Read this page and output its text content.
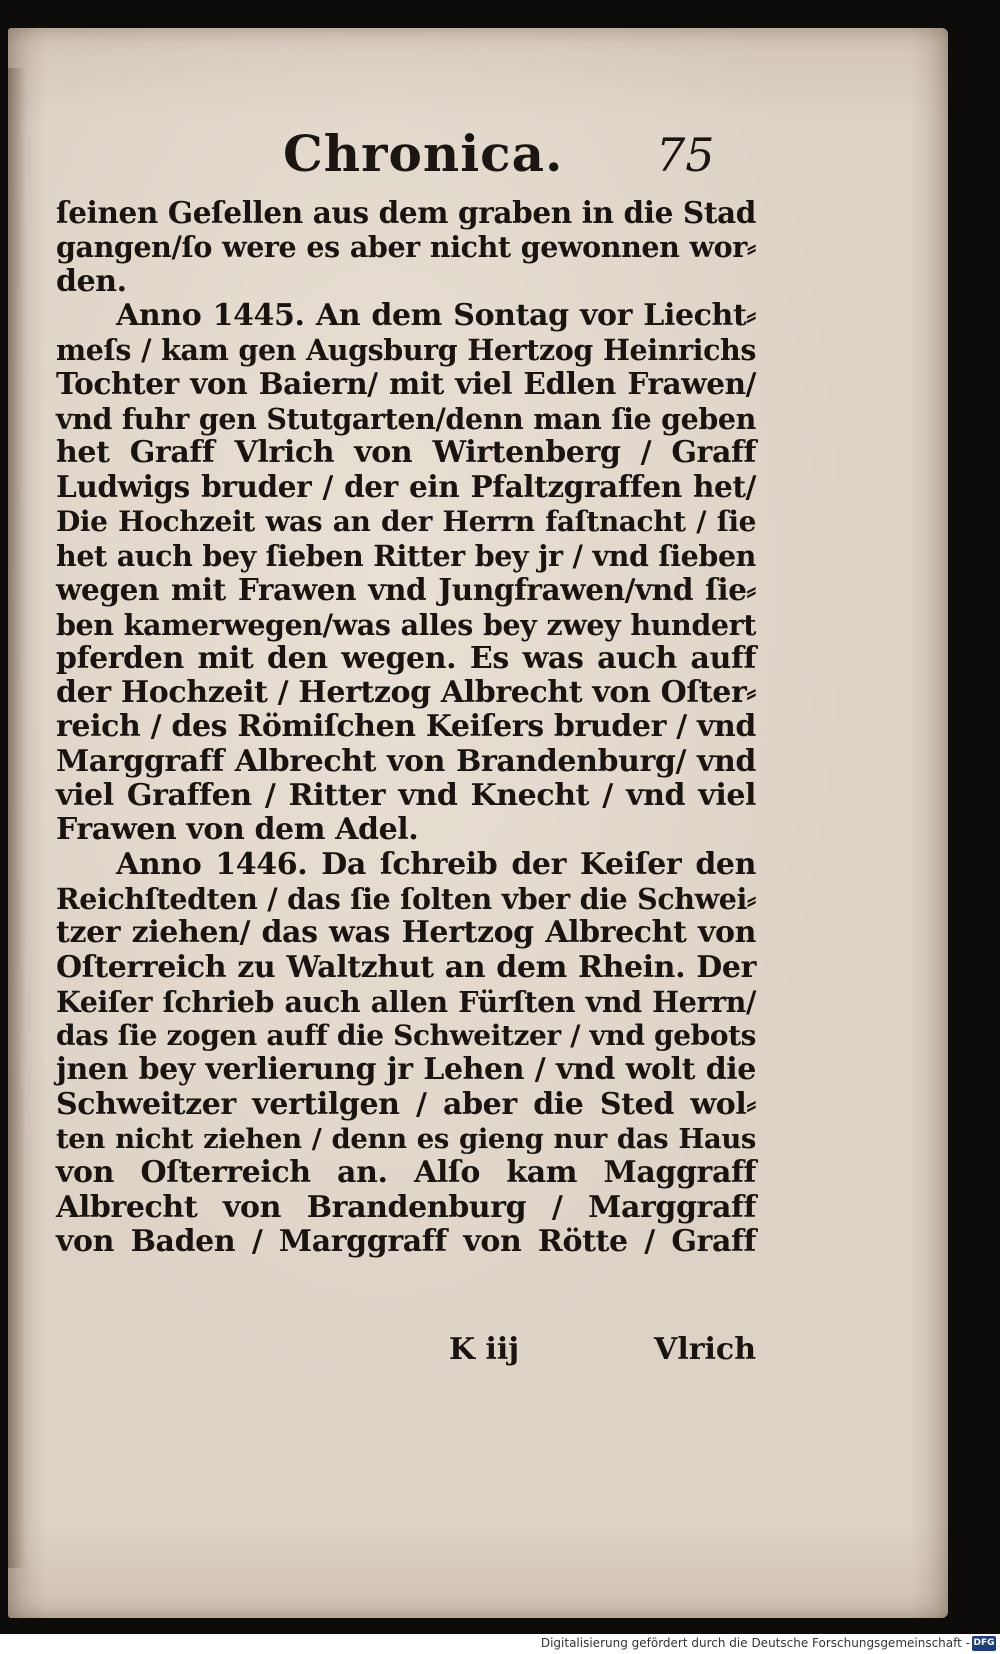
Chronica. 75
ſeinen Geſellen aus dem graben in die Stad
gangen/ſo were es aber nicht gewonnen wor⸗
den.
Anno 1445. An dem Sontag vor Liecht⸗
meſs / kam gen Augsburg Hertzog Heinrichs
Tochter von Baiern/ mit viel Edlen Frawen/
vnd fuhr gen Stutgarten/denn man ſie geben
het Graff Vlrich von Wirtenberg / Graff
Ludwigs bruder / der ein Pfaltzgraffen het/
Die Hochzeit was an der Herrn faſtnacht / ſie
het auch bey ſieben Ritter bey jr / vnd ſieben
wegen mit Frawen vnd Jungfrawen/vnd ſie⸗
ben kamerwegen/was alles bey zwey hundert
pferden mit den wegen. Es was auch auff
der Hochzeit / Hertzog Albrecht von Oſter⸗
reich / des Römiſchen Keiſers bruder / vnd
Marggraff Albrecht von Brandenburg/ vnd
viel Graffen / Ritter vnd Knecht / vnd viel
Frawen von dem Adel.
Anno 1446. Da ſchreib der Keiſer den
Reichſtedten / das ſie ſolten vber die Schwei⸗
tzer ziehen/ das was Hertzog Albrecht von
Oſterreich zu Waltzhut an dem Rhein. Der
Keiſer ſchrieb auch allen Fürſten vnd Herrn/
das ſie zogen auff die Schweitzer / vnd gebots
jnen bey verlierung jr Lehen / vnd wolt die
Schweitzer vertilgen / aber die Sted wol⸗
ten nicht ziehen / denn es gieng nur das Haus
von Oſterreich an. Alſo kam Maggraff
Albrecht von Brandenburg / Marggraff
von Baden / Marggraff von Rötte / Graff
K iij	Vlrich
Digitalisierung gefördert durch die Deutsche Forschungsgemeinschaft - DFG
